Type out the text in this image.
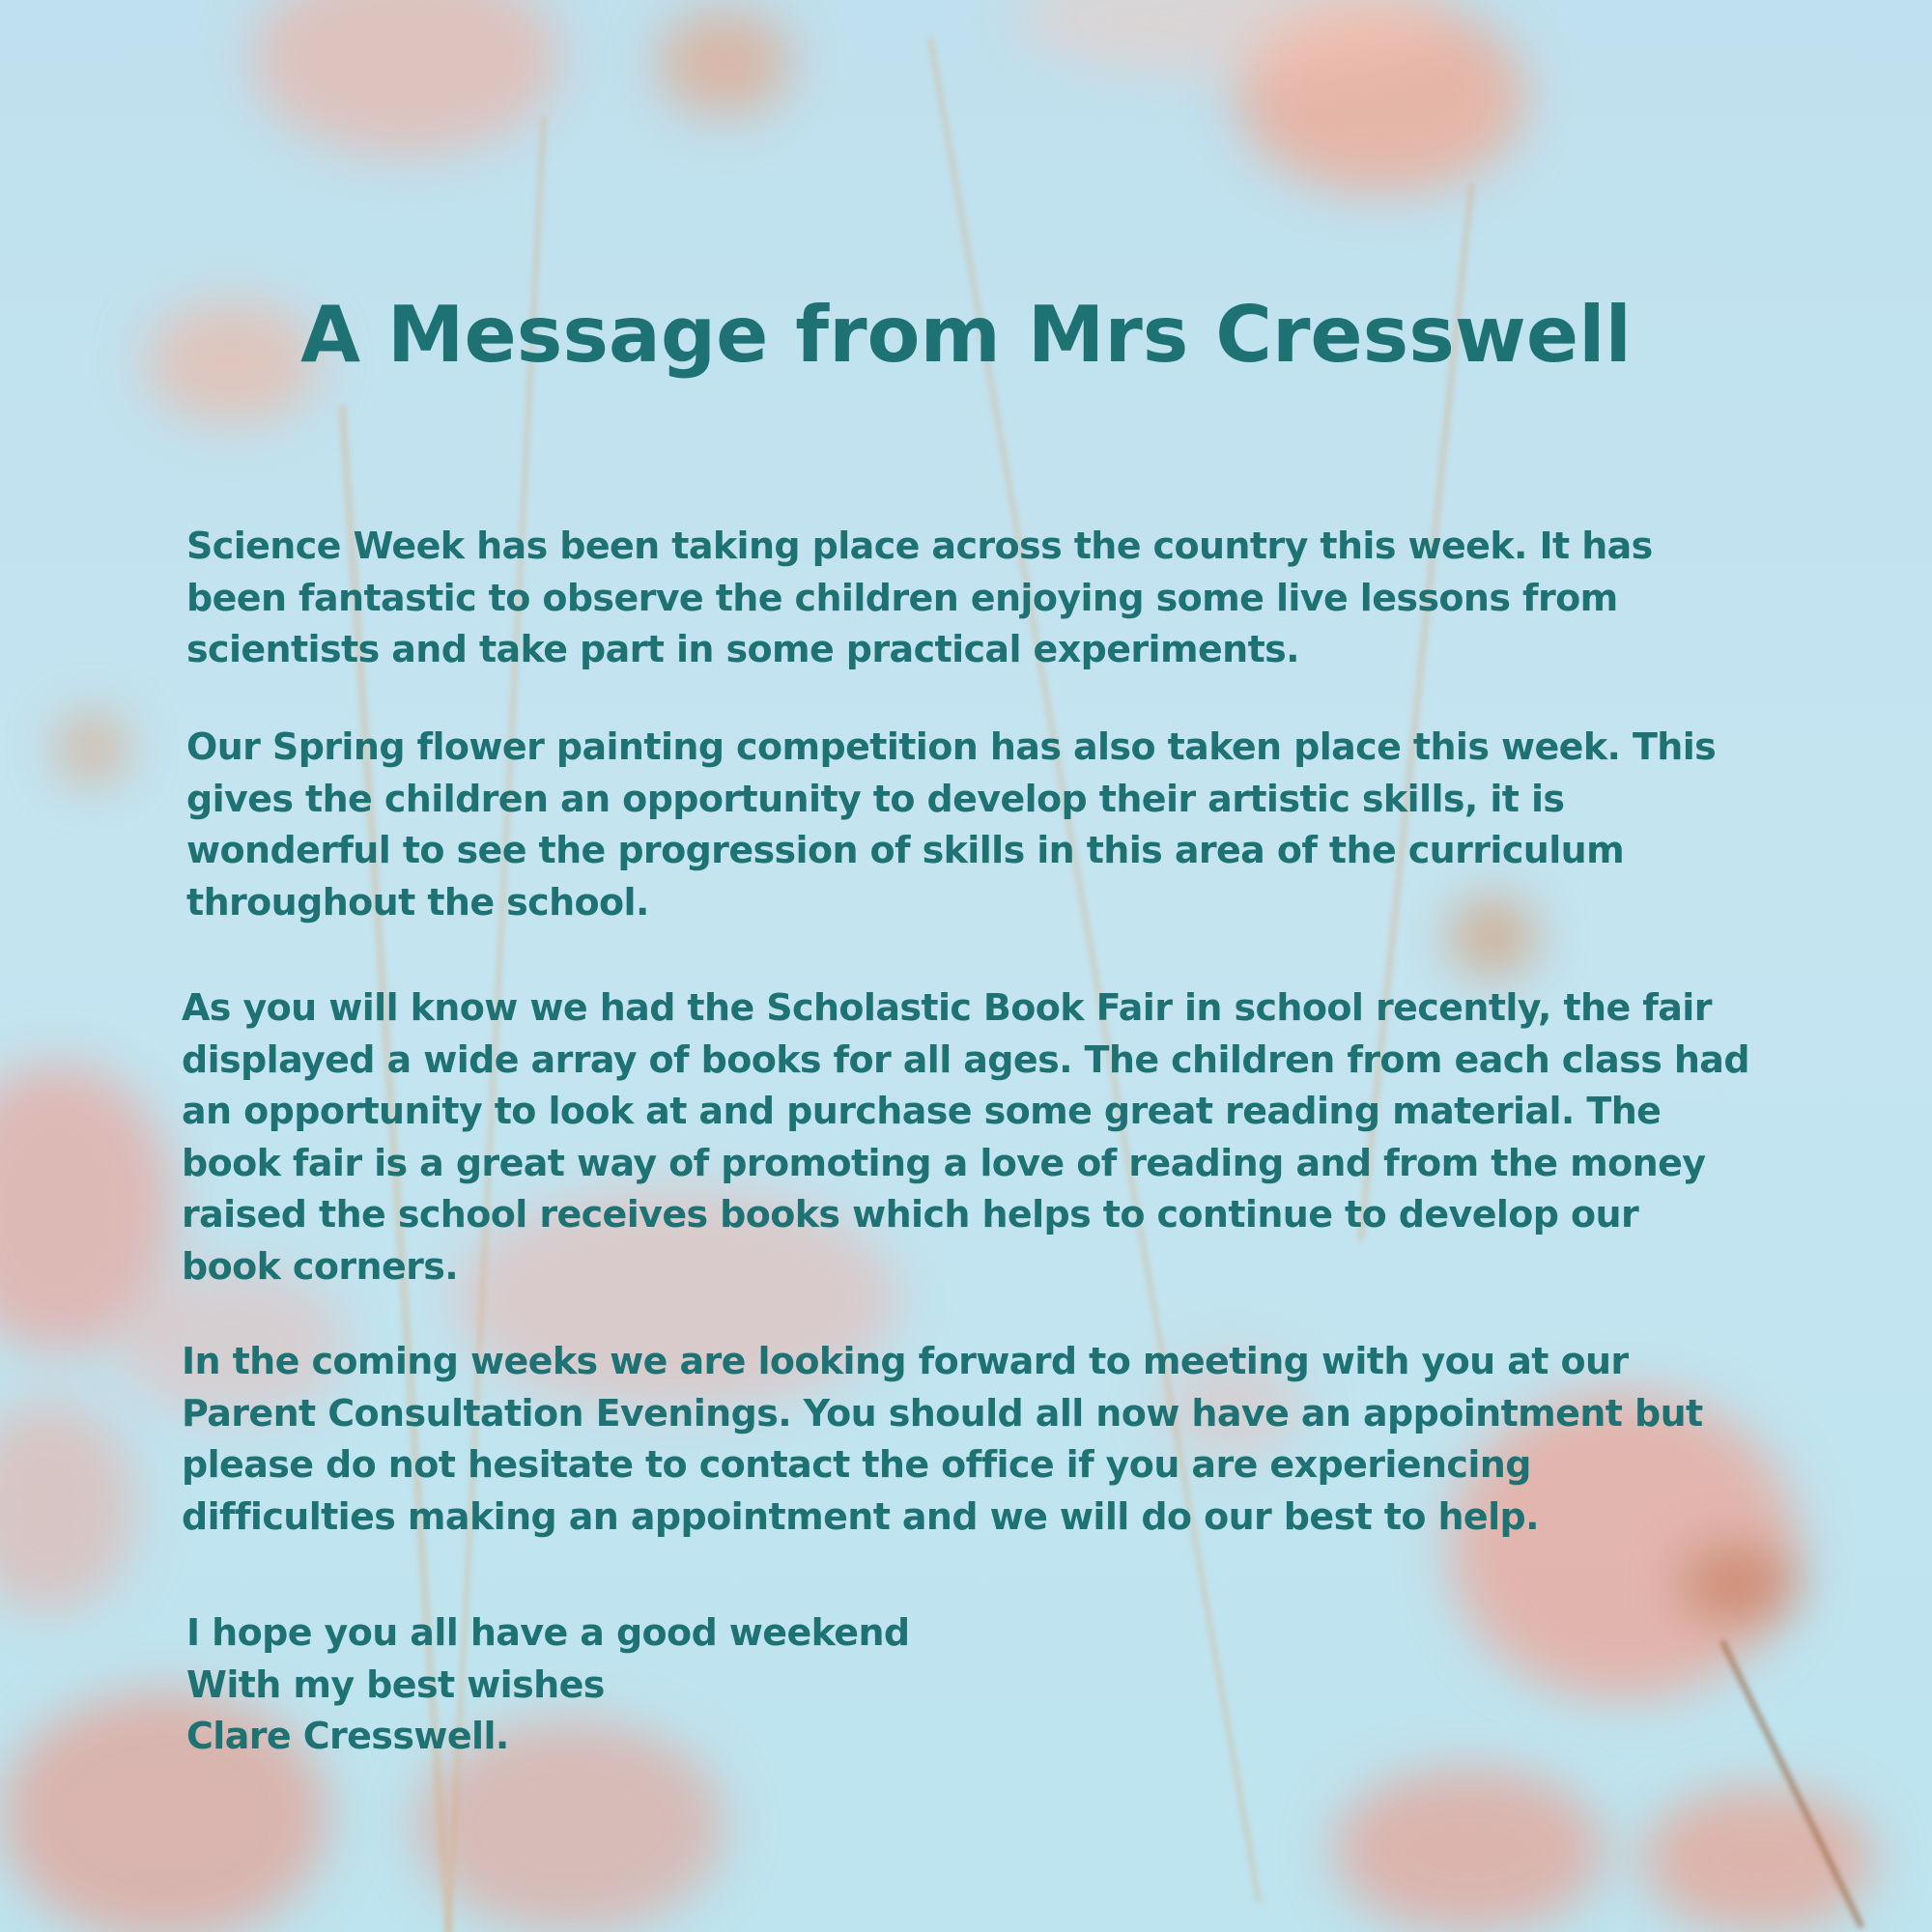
A Message from Mrs Cresswell

Science Week has been taking place across the country this week. It has
been fantastic to observe the children enjoying some live lessons from
scientists and take part in some practical experiments.

Our Spring flower painting competition has also taken place this week. This
gives the children an opportunity to develop their artistic skills, it is
wonderful to see the progression of skills in this area of the curriculum
throughout the school.

As you will know we had the Scholastic Book Fair in school recently, the fair
displayed a wide array of books for all ages. The children from each class had
an opportunity to look at and purchase some great reading material. The
book fair is a great way of promoting a love of reading and from the money
raised the school receives books which helps to continue to develop our
book corners.

In the coming weeks we are looking forward to meeting with you at our
Parent Consultation Evenings. You should all now have an appointment but
please do not hesitate to contact the office if you are experiencing
difficulties making an appointment and we will do our best to help.

I hope you all have a good weekend
With my best wishes
Clare Cresswell.
